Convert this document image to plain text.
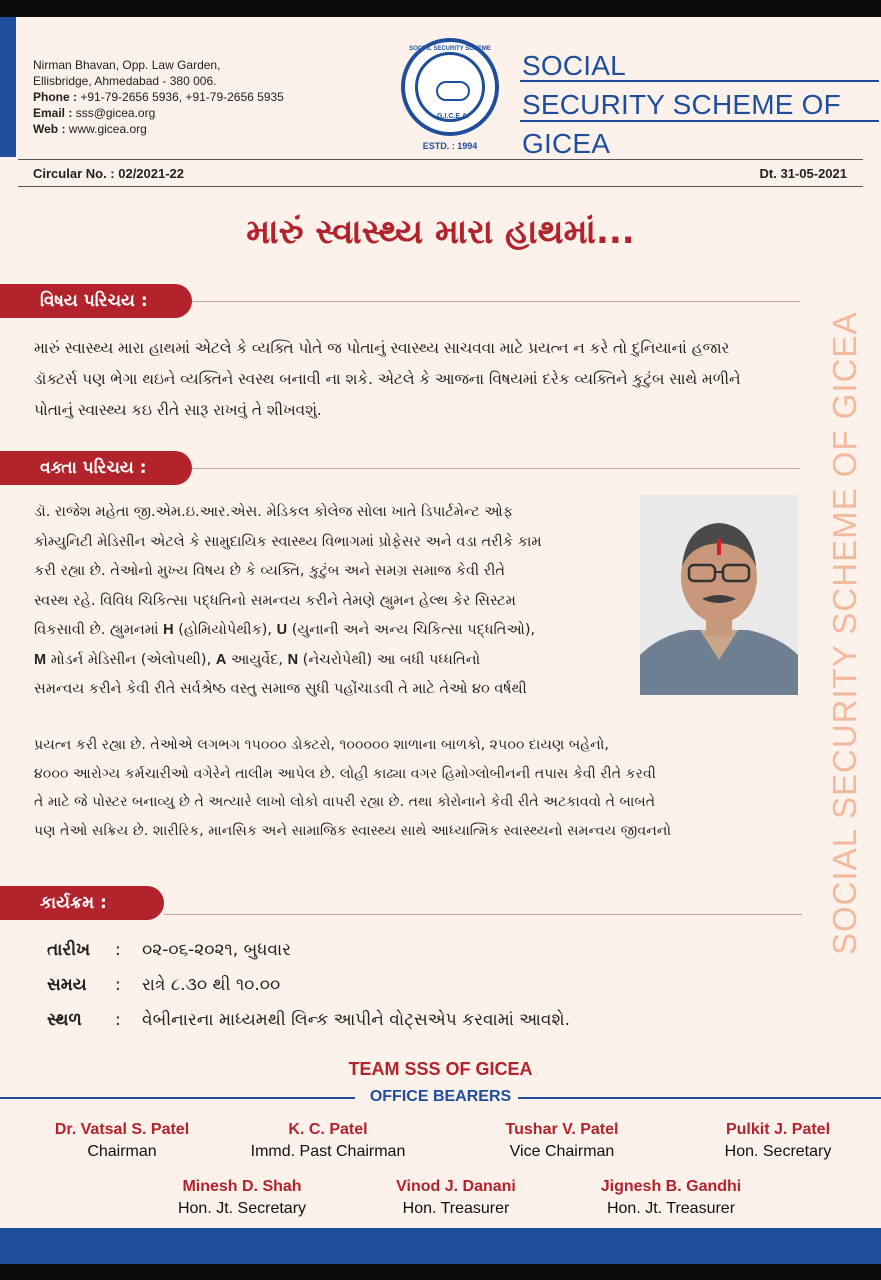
Nirman Bhavan, Opp. Law Garden,
Ellisbridge, Ahmedabad - 380 006.
Phone : +91-79-2656 5936, +91-79-2656 5935
Email : sss@gicea.org
Web : www.gicea.org
SOCIAL SECURITY SCHEME
G.I.C.E.A.
ESTD. : 1994
SOCIAL
SECURITY SCHEME OF
GICEA
Circular No. : 02/2021-22	Dt. 31-05-2021
મારું સ્વાસ્થ્ય મારા હાથમાં...
વિષય પરિચય :

મારું સ્વાસ્થ્ય મારા હાથમાં એટલે કે વ્યક્તિ પોતે જ પોતાનું સ્વાસ્થ્ય સાચવવા માટે પ્રયત્ન ન કરે તો દુનિયાનાં હજાર

ડૉક્ટર્સ પણ ભેગા થઇને વ્યક્તિને સ્વસ્થ બનાવી ના શકે. એટલે કે આજના વિષયમાં દરેક વ્યક્તિને કુટુંબ સાથે મળીને

પોતાનું સ્વાસ્થ્ય કઇ રીતે સારૂ રાખવું તે શીખવશું.

વક્તા પરિચય :

ડૉ. રાજેશ મહેતા જી.એમ.ઇ.આર.એસ. મેડિકલ કોલેજ સોલા ખાતે ડિપાર્ટમેન્ટ ઓફ

કોમ્યુનિટી મેડિસીન એટલે કે સામુદાયિક સ્વાસ્થ્ય વિભાગમાં પ્રોફેસર અને વડા તરીકે કામ

કરી રહ્યા છે. તેઓનો મુખ્ય વિષય છે કે વ્યક્તિ, કુટુંબ અને સમગ્ર સમાજ કેવી રીતે

સ્વસ્થ રહે. વિવિધ ચિકિત્સા પદ્ધતિનો સમન્વય કરીને તેમણે હ્યુમન હેલ્થ કેર સિસ્ટમ

વિકસાવી છે. હ્યુમનમાં H (હોમિયોપેથીક), U (યુનાની અને અન્ય ચિકિત્સા પદ્ધતિઓ),

M મોડર્ન મેડિસીન (એલોપથી), A આયુર્વેદ, N (નેચરોપેથી) આ બધી પધ્ધતિનો

સમન્વય કરીને કેવી રીતે સર્વશ્રેષ્ઠ વસ્તુ સમાજ સુધી પહોંચાડવી તે માટે તેઓ ૪૦ વર્ષથી

પ્રયત્ન કરી રહ્યા છે. તેઓએ લગભગ ૧૫૦૦૦ ડોક્ટરો, ૧૦૦૦૦૦ શાળાના બાળકો, ૨૫૦૦ દાયણ બહેનો,

૪૦૦૦ આરોગ્ય કર્મચારીઓ વગેરેને તાલીમ આપેલ છે. લોહી કાઢ્યા વગર હિમોગ્લોબીનની તપાસ કેવી રીતે કરવી

તે માટે જે પોસ્ટર બનાવ્યુ છે તે અત્યારે લાખો લોકો વાપરી રહ્યા છે. તથા કોરોનાને કેવી રીતે અટકાવવો તે બાબતે

પણ તેઓ સક્રિય છે. શારીરિક, માનસિક અને સામાજિક સ્વાસ્થ્ય સાથે આધ્યાત્મિક સ્વાસ્થ્યનો સમન્વય જીવનનો	SOCIAL SECURITY SCHEME OF GICEA
કાર્યક્રમ :
તારીખ	: ૦૨-૦૬-૨૦૨૧, બુધવાર
સમય	: રાત્રે ૮.૩૦ થી ૧૦.૦૦
સ્થળ	: વેબીનારના માધ્યમથી લિન્ક આપીને વોટ્સએપ કરવામાં આવશે.
TEAM SSS OF GICEA
OFFICE BEARERS
Dr. Vatsal S. Patel
Chairman
K. C. Patel
Immd. Past Chairman
Tushar V. Patel
Vice Chairman
Pulkit J. Patel
Hon. Secretary
Minesh D. Shah
Hon. Jt. Secretary
Vinod J. Danani
Hon. Treasurer
Jignesh B. Gandhi
Hon. Jt. Treasurer
